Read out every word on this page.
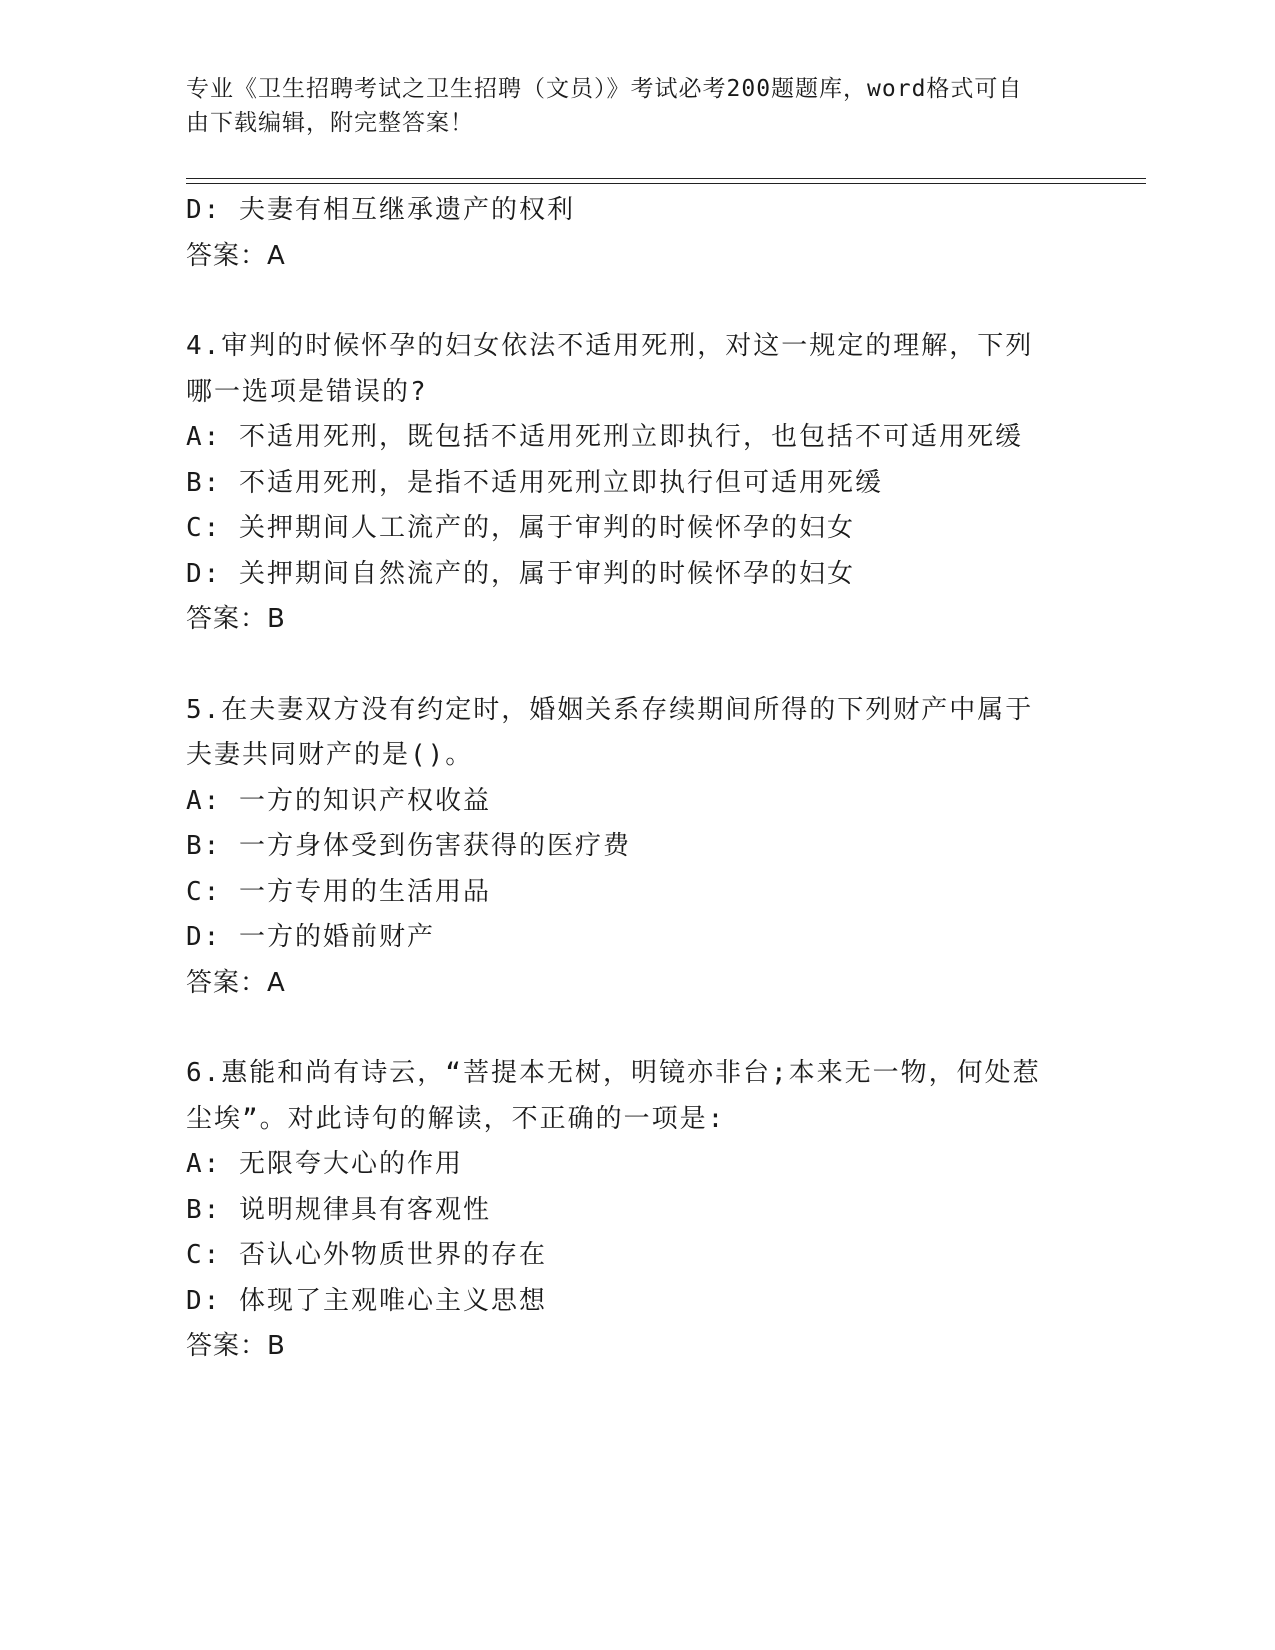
专业《卫生招聘考试之卫生招聘（文员）》考试必考200题题库，word格式可自
由下载编辑，附完整答案！
D: 夫妻有相互继承遗产的权利
答案：A
4.审判的时候怀孕的妇女依法不适用死刑，对这一规定的理解，下列
哪一选项是错误的?
A: 不适用死刑，既包括不适用死刑立即执行，也包括不可适用死缓
B: 不适用死刑，是指不适用死刑立即执行但可适用死缓
C: 关押期间人工流产的，属于审判的时候怀孕的妇女
D: 关押期间自然流产的，属于审判的时候怀孕的妇女
答案：B
5.在夫妻双方没有约定时，婚姻关系存续期间所得的下列财产中属于
夫妻共同财产的是()。
A: 一方的知识产权收益
B: 一方身体受到伤害获得的医疗费
C: 一方专用的生活用品
D: 一方的婚前财产
答案：A
6.惠能和尚有诗云，“菩提本无树，明镜亦非台;本来无一物，何处惹
尘埃”。对此诗句的解读，不正确的一项是:
A: 无限夸大心的作用
B: 说明规律具有客观性
C: 否认心外物质世界的存在
D: 体现了主观唯心主义思想
答案：B
